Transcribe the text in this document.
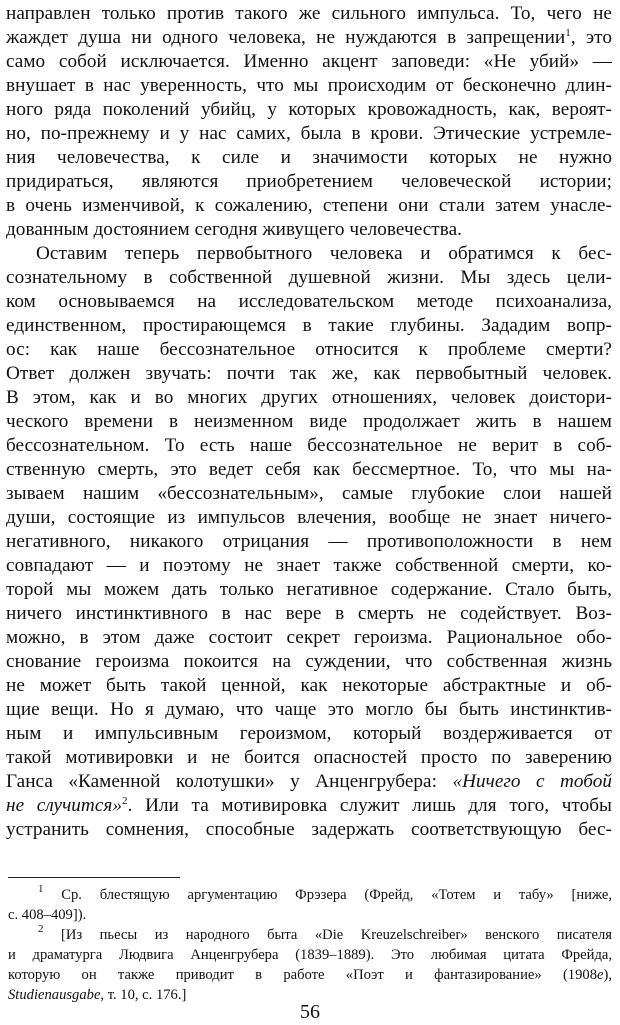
направлен только против такого же сильного импульса. То, чего не
жаждет душа ни одного человека, не нуждаются в запрещении$^1$, это
само собой исключается. Именно акцент заповеди: «Не убий» —
внушает в нас уверенность, что мы происходим от бесконечно длин-
ного ряда поколений убийц, у которых кровожадность, как, вероят-
но, по-прежнему и у нас самих, была в крови. Этические устремле-
ния человечества, к силе и значимости которых не нужно
придираться, являются приобретением человеческой истории;
в очень изменчивой, к сожалению, степени они стали затем унасле-
дованным достоянием сегодня живущего человечества.
Оставим теперь первобытного человека и обратимся к бес-
сознательному в собственной душевной жизни. Мы здесь цели-
ком основываемся на исследовательском методе психоанализа,
единственном, простирающемся в такие глубины. Зададим вопр-
ос: как наше бессознательное относится к проблеме смерти?
Ответ должен звучать: почти так же, как первобытный человек.
В этом, как и во многих других отношениях, человек доистори-
ческого времени в неизменном виде продолжает жить в нашем
бессознательном. То есть наше бессознательное не верит в соб-
ственную смерть, это ведет себя как бессмертное. То, что мы на-
зываем нашим «бессознательным», самые глубокие слои нашей
души, состоящие из импульсов влечения, вообще не знает ничего-
негативного, никакого отрицания — противоположности в нем
совпадают — и поэтому не знает также собственной смерти, ко-
торой мы можем дать только негативное содержание. Стало быть,
ничего инстинктивного в нас вере в смерть не содействует. Воз-
можно, в этом даже состоит секрет героизма. Рациональное обо-
снование героизма покоится на суждении, что собственная жизнь
не может быть такой ценной, как некоторые абстрактные и об-
щие вещи. Но я думаю, что чаще это могло бы быть инстинктив-
ным и импульсивным героизмом, который воздерживается от
такой мотивировки и не боится опасностей просто по заверению
Ганса «Каменной колотушки» у Анценгрубера: «Ничего с тобой
не случится»$^2$. Или та мотивировка служит лишь для того, чтобы
устранить сомнения, способные задержать соответствующую бес-
$^1$ Ср. блестящую аргументацию Фрэзера (Фрейд, «Тотем и табу» [ниже,
с. 408–409]).
$^2$ [Из пьесы из народного быта «Die Kreuzelschreiber» венского писателя
и драматурга Людвига Анценгрубера (1839–1889). Это любимая цитата Фрейда,
которую он также приводит в работе «Поэт и фантазирование» (1908e),
Studienausgabe, т. 10, с. 176.]
56
